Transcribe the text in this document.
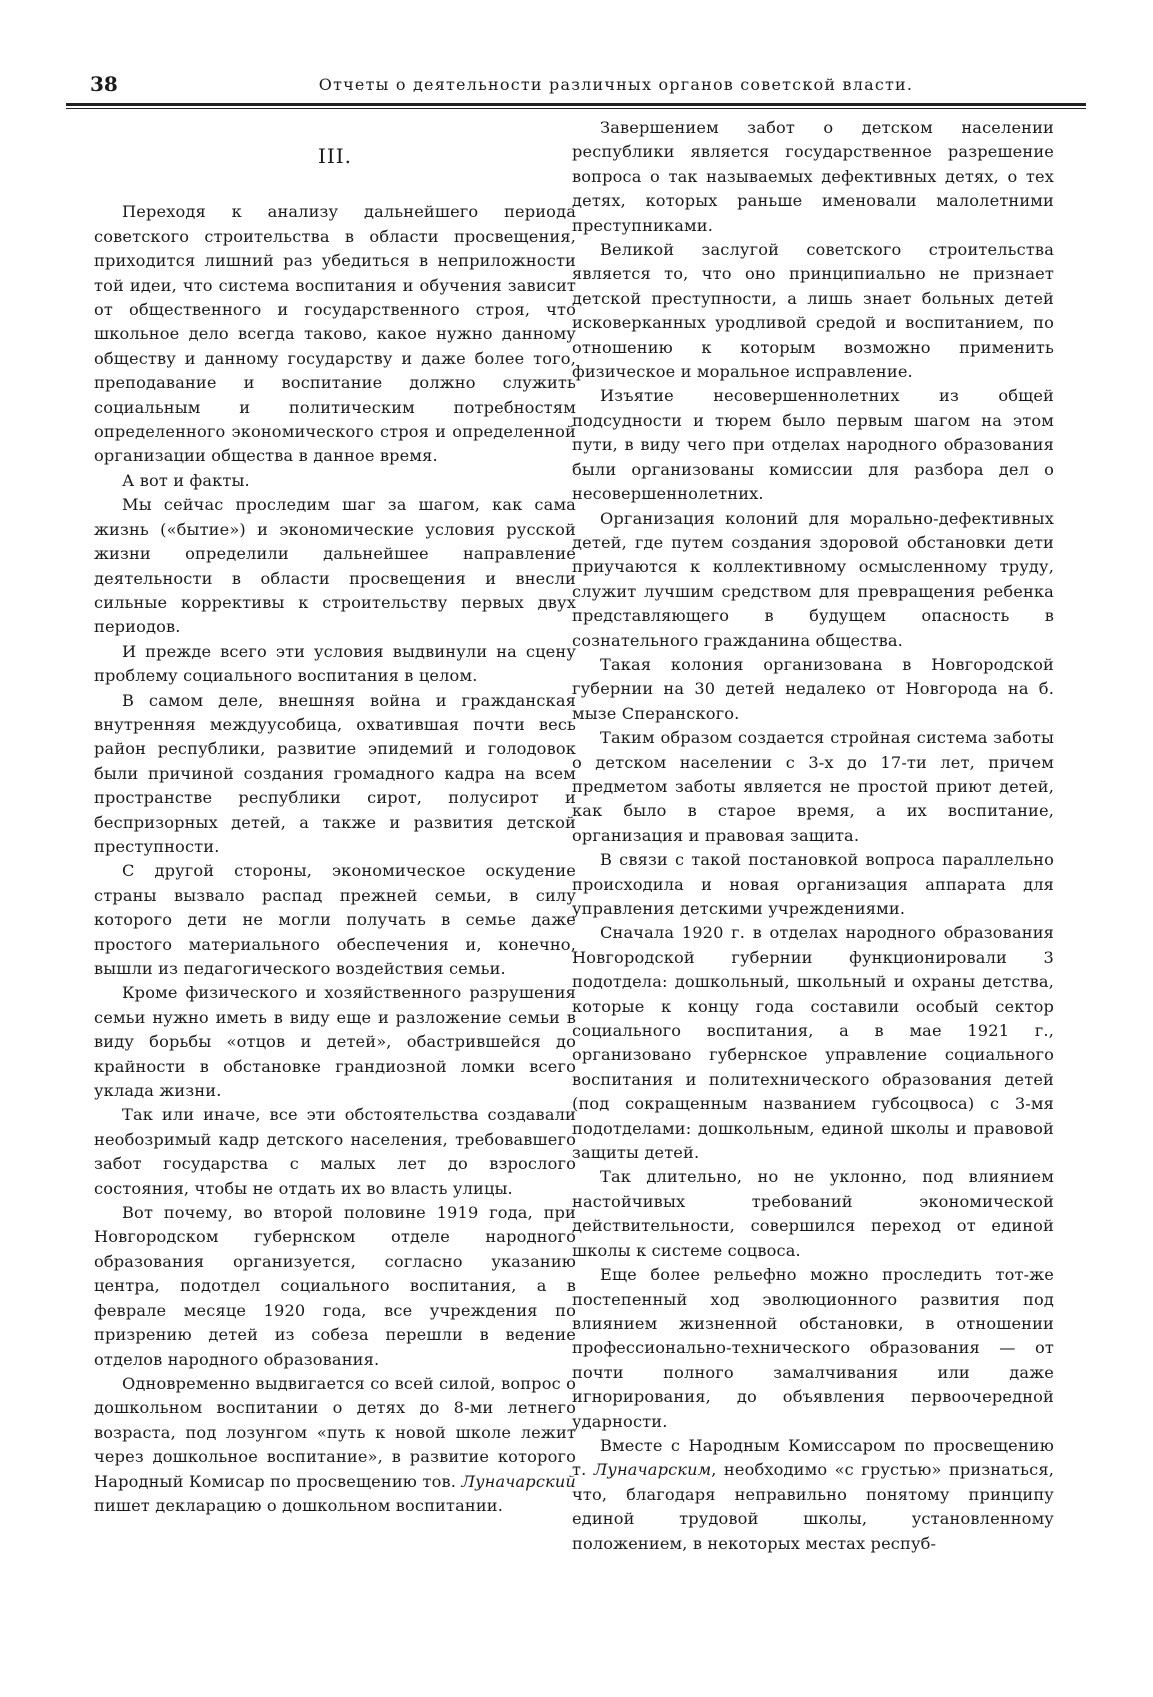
38	Отчеты о деятельности различных органов советской власти.
III.

Переходя к анализу дальнейшего периода советского строительства в области просвещения, приходится лишний раз убедиться в неприложности той идеи, что система воспитания и обучения зависит от общественного и государственного строя, что школьное дело всегда таково, какое нужно данному обществу и данному государству и даже более того, преподавание и воспитание должно служить социальным и политическим потребностям определенного экономического строя и определенной организации общества в данное время.

А вот и факты.

Мы сейчас проследим шаг за шагом, как сама жизнь («бытие») и экономические условия русской жизни определили дальнейшее направление деятельности в области просвещения и внесли сильные коррективы к строительству первых двух периодов.

И прежде всего эти условия выдвинули на сцену проблему социального воспитания в целом.

В самом деле, внешняя война и гражданская внутренняя междуусобица, охватившая почти весь район республики, развитие эпидемий и голодовок были причиной создания громадного кадра на всем пространстве республики сирот, полусирот и беспризорных детей, а также и развития детской преступности.

С другой стороны, экономическое оскудение страны вызвало распад прежней семьи, в силу которого дети не могли получать в семье даже простого материального обеспечения и, конечно, вышли из педагогического воздействия семьи.

Кроме физического и хозяйственного разрушения семьи нужно иметь в виду еще и разложение семьи в виду борьбы «отцов и детей», обастрившейся до крайности в обстановке грандиозной ломки всего уклада жизни.

Так или иначе, все эти обстоятельства создавали необозримый кадр детского населения, требовавшего забот государства с малых лет до взрослого состояния, чтобы не отдать их во власть улицы.

Вот почему, во второй половине 1919 года, при Новгородском губернском отделе народного образования организуется, согласно указанию центра, подотдел социального воспитания, а в феврале месяце 1920 года, все учреждения по призрению детей из собеза перешли в ведение отделов народного образования.

Одновременно выдвигается со всей силой, вопрос о дошкольном воспитании о детях до 8-ми летнего возраста, под лозунгом «путь к новой школе лежит через дошкольное воспитание», в развитие которого Народный Комисар по просвещению тов. Луначарский пишет декларацию о дошкольном воспитании.

Завершением забот о детском населении республики является государственное разрешение вопроса о так называемых дефективных детях, о тех детях, которых раньше именовали малолетними преступниками.

Великой заслугой советского строительства является то, что оно принципиально не признает детской преступности, а лишь знает больных детей исковерканных уродливой средой и воспитанием, по отношению к которым возможно применить физическое и моральное исправление.

Изъятие несовершеннолетних из общей подсудности и тюрем было первым шагом на этом пути, в виду чего при отделах народного образования были организованы комиссии для разбора дел о несовершеннолетних.

Организация колоний для морально-дефективных детей, где путем создания здоровой обстановки дети приучаются к коллективному осмысленному труду, служит лучшим средством для превращения ребенка представляющего в будущем опасность в сознательного гражданина общества.

Такая колония организована в Новгородской губернии на 30 детей недалеко от Новгорода на б. мызе Сперанского.

Таким образом создается стройная система заботы о детском населении с 3-х до 17-ти лет, причем предметом заботы является не простой приют детей, как было в старое время, а их воспитание, организация и правовая защита.

В связи с такой постановкой вопроса параллельно происходила и новая организация аппарата для управления детскими учреждениями.

Сначала 1920 г. в отделах народного образования Новгородской губернии функционировали 3 подотдела: дошкольный, школьный и охраны детства, которые к концу года составили особый сектор социального воспитания, а в мае 1921 г., организовано губернское управление социального воспитания и политехнического образования детей (под сокращенным названием губсоцвоса) с 3-мя подотделами: дошкольным, единой школы и правовой защиты детей.

Так длительно, но не уклонно, под влиянием настойчивых требований экономической действительности, совершился переход от единой школы к системе соцвоса.

Еще более рельефно можно проследить тот-же постепенный ход эволюционного развития под влиянием жизненной обстановки, в отношении профессионально-технического образования — от почти полного замалчивания или даже игнорирования, до объявления первоочередной ударности.

Вместе с Народным Комиссаром по просвещению т. Луначарским, необходимо «с грустью» признаться, что, благодаря неправильно понятому принципу единой трудовой школы, установленному положением, в некоторых местах респуб-
